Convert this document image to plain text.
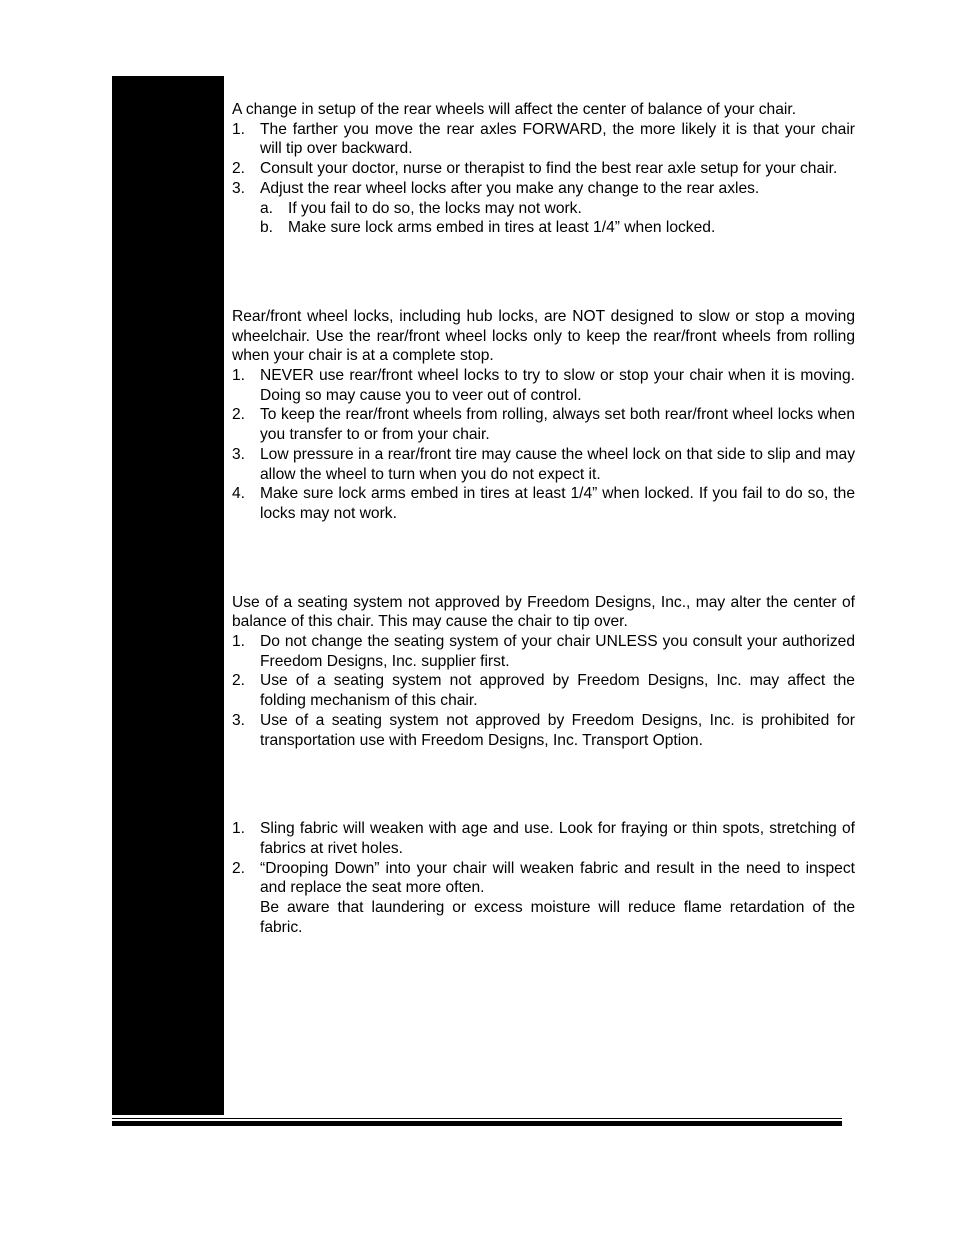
A change in setup of the rear wheels will affect the center of balance of your chair.

1. The farther you move the rear axles FORWARD, the more likely it is that your chair will tip over backward.
2. Consult your doctor, nurse or therapist to find the best rear axle setup for your chair.
3. Adjust the rear wheel locks after you make any change to the rear axles.
a. If you fail to do so, the locks may not work.
b. Make sure lock arms embed in tires at least 1/4” when locked.

Rear/front wheel locks, including hub locks, are NOT designed to slow or stop a moving wheelchair. Use the rear/front wheel locks only to keep the rear/front wheels from rolling when your chair is at a complete stop.

1. NEVER use rear/front wheel locks to try to slow or stop your chair when it is moving. Doing so may cause you to veer out of control.
2. To keep the rear/front wheels from rolling, always set both rear/front wheel locks when you transfer to or from your chair.
3. Low pressure in a rear/front tire may cause the wheel lock on that side to slip and may allow the wheel to turn when you do not expect it.
4. Make sure lock arms embed in tires at least 1/4” when locked. If you fail to do so, the locks may not work.

Use of a seating system not approved by Freedom Designs, Inc., may alter the center of balance of this chair. This may cause the chair to tip over.

1. Do not change the seating system of your chair UNLESS you consult your authorized Freedom Designs, Inc. supplier first.
2. Use of a seating system not approved by Freedom Designs, Inc. may affect the folding mechanism of this chair.
3. Use of a seating system not approved by Freedom Designs, Inc. is prohibited for transportation use with Freedom Designs, Inc. Transport Option.
1. Sling fabric will weaken with age and use. Look for fraying or thin spots, stretching of fabrics at rivet holes.
2. “Drooping Down” into your chair will weaken fabric and result in the need to inspect and replace the seat more often.
Be aware that laundering or excess moisture will reduce flame retardation of the fabric.
